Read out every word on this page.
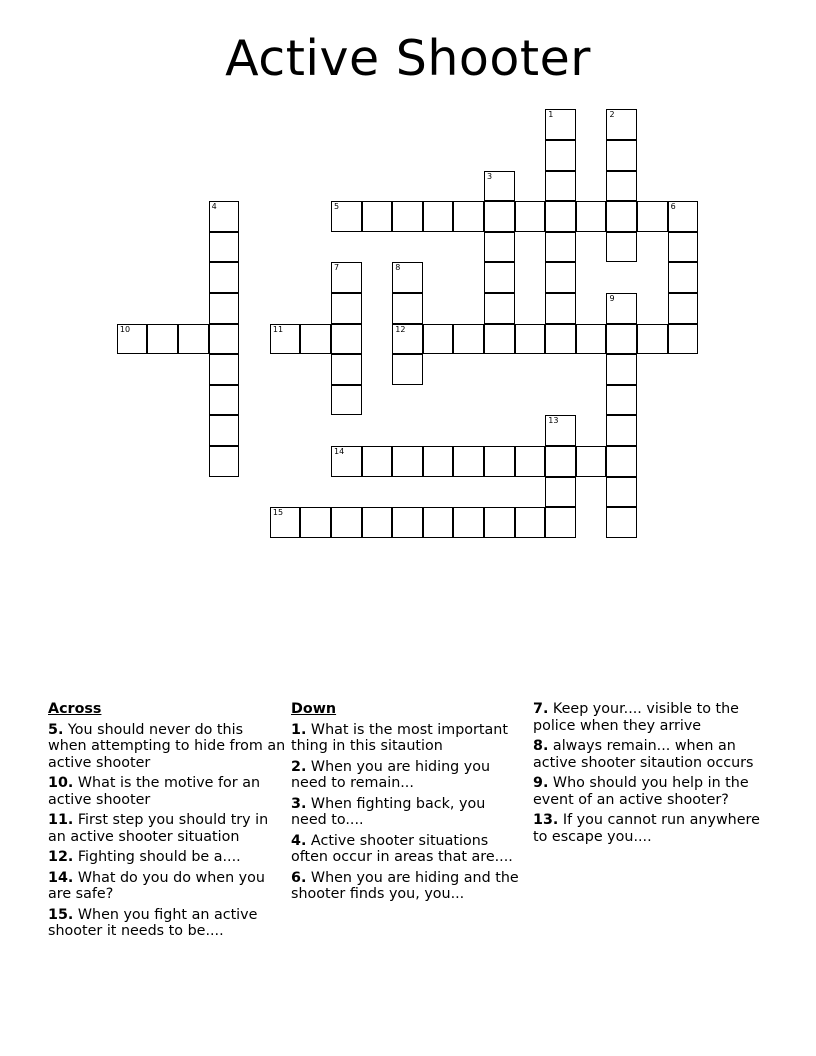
Active Shooter
1	2
3
4	5	6
7	8
9
10	11	12
13
14
15
Across
5. You should never do this when attempting to hide from an active shooter
10. What is the motive for an active shooter
11. First step you should try in an active shooter situation
12. Fighting should be a....
14. What do you do when you are safe?
15. When you fight an active shooter it needs to be....
Down
1. What is the most important thing in this sitaution
2. When you are hiding you need to remain...
3. When fighting back, you need to....
4. Active shooter situations often occur in areas that are....
6. When you are hiding and the shooter finds you, you...
7. Keep your.... visible to the police when they arrive
8. always remain... when an active shooter sitaution occurs
9. Who should you help in the event of an active shooter?
13. If you cannot run anywhere to escape you....
